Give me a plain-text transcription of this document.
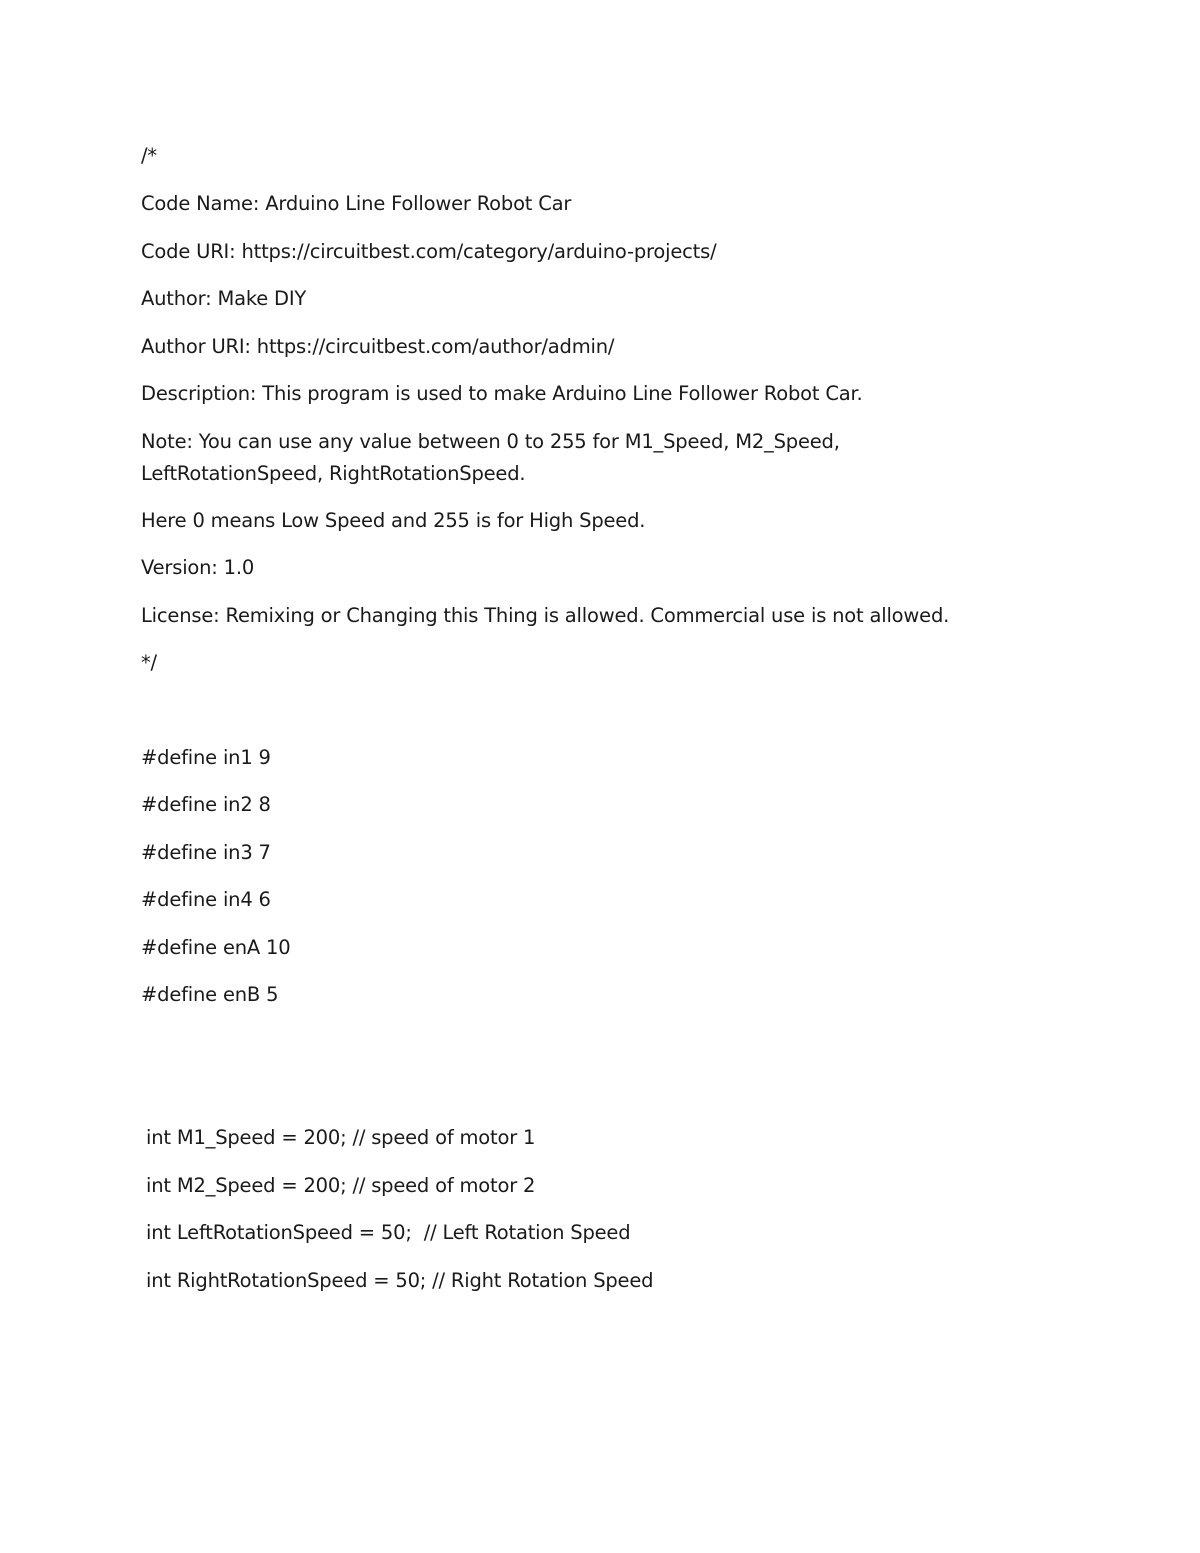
/*
Code Name: Arduino Line Follower Robot Car
Code URI: https://circuitbest.com/category/arduino-projects/
Author: Make DIY
Author URI: https://circuitbest.com/author/admin/
Description: This program is used to make Arduino Line Follower Robot Car.
Note: You can use any value between 0 to 255 for M1_Speed, M2_Speed,
LeftRotationSpeed, RightRotationSpeed.
Here 0 means Low Speed and 255 is for High Speed.
Version: 1.0
License: Remixing or Changing this Thing is allowed. Commercial use is not allowed.
*/
#define in1 9
#define in2 8
#define in3 7
#define in4 6
#define enA 10
#define enB 5
int M1_Speed = 200; // speed of motor 1
int M2_Speed = 200; // speed of motor 2
int LeftRotationSpeed = 50;  // Left Rotation Speed
int RightRotationSpeed = 50; // Right Rotation Speed
